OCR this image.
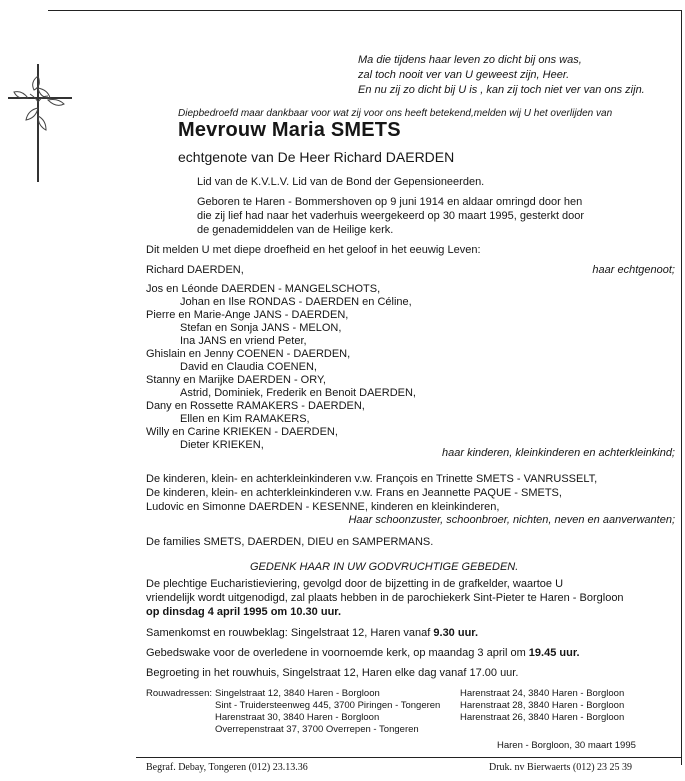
Ma die tijdens haar leven zo dicht bij ons was,
zal toch nooit ver van U geweest zijn, Heer.
En nu zij zo dicht bij U is , kan zij toch niet ver van ons zijn.
Diepbedroefd maar dankbaar voor wat zij voor ons heeft betekend,melden wij U het overlijden van
Mevrouw Maria SMETS
echtgenote van De Heer Richard DAERDEN
Lid van de K.V.L.V. Lid van de Bond der Gepensioneerden.
Geboren te Haren - Bommershoven op 9 juni 1914 en aldaar omringd door hen
die zij lief had naar het vaderhuis weergekeerd op 30 maart 1995, gesterkt door
de genademiddelen van de Heilige kerk.
Dit melden U met diepe droefheid en het geloof in het eeuwig Leven:
Richard DAERDEN,	haar echtgenoot;
Jos en Léonde DAERDEN - MANGELSCHOTS,
Johan en Ilse RONDAS - DAERDEN en Céline,
Pierre en Marie-Ange JANS - DAERDEN,
Stefan en Sonja JANS - MELON,
Ina JANS en vriend Peter,
Ghislain en Jenny COENEN - DAERDEN,
David en Claudia COENEN,
Stanny en Marijke DAERDEN - ORY,
Astrid, Dominiek, Frederik en Benoit DAERDEN,
Dany en Rossette RAMAKERS - DAERDEN,
Ellen en Kim RAMAKERS,
Willy en Carine KRIEKEN - DAERDEN,
Dieter KRIEKEN,
haar kinderen, kleinkinderen en achterkleinkind;
De kinderen, klein- en achterkleinkinderen v.w. François en Trinette SMETS - VANRUSSELT,
De kinderen, klein- en achterkleinkinderen v.w. Frans en Jeannette PAQUE - SMETS,
Ludovic en Simonne DAERDEN - KESENNE, kinderen en kleinkinderen,
Haar schoonzuster, schoonbroer, nichten, neven en aanverwanten;
De families SMETS, DAERDEN, DIEU en SAMPERMANS.
GEDENK HAAR IN UW GODVRUCHTIGE GEBEDEN.
De plechtige Eucharistieviering, gevolgd door de bijzetting in de grafkelder, waartoe U
vriendelijk wordt uitgenodigd, zal plaats hebben in de parochiekerk Sint-Pieter te Haren - Borgloon
op dinsdag 4 april 1995 om 10.30 uur.
Samenkomst en rouwbeklag: Singelstraat 12, Haren vanaf 9.30 uur.
Gebedswake voor de overledene in voornoemde kerk, op maandag 3 april om 19.45 uur.
Begroeting in het rouwhuis, Singelstraat 12, Haren elke dag vanaf 17.00 uur.
Rouwadressen: Singelstraat 12, 3840 Haren - Borgloon
Sint - Truidersteenweg 445, 3700 Piringen - Tongeren
Harenstraat 30, 3840 Haren - Borgloon
Overrepenstraat 37, 3700 Overrepen - Tongeren
Harenstraat 24, 3840 Haren - Borgloon
Harenstraat 28, 3840 Haren - Borgloon
Harenstraat 26, 3840 Haren - Borgloon
Haren - Borgloon, 30 maart 1995
Begraf. Debay, Tongeren (012) 23.13.36	Druk. nv Bierwaerts (012) 23 25 39
